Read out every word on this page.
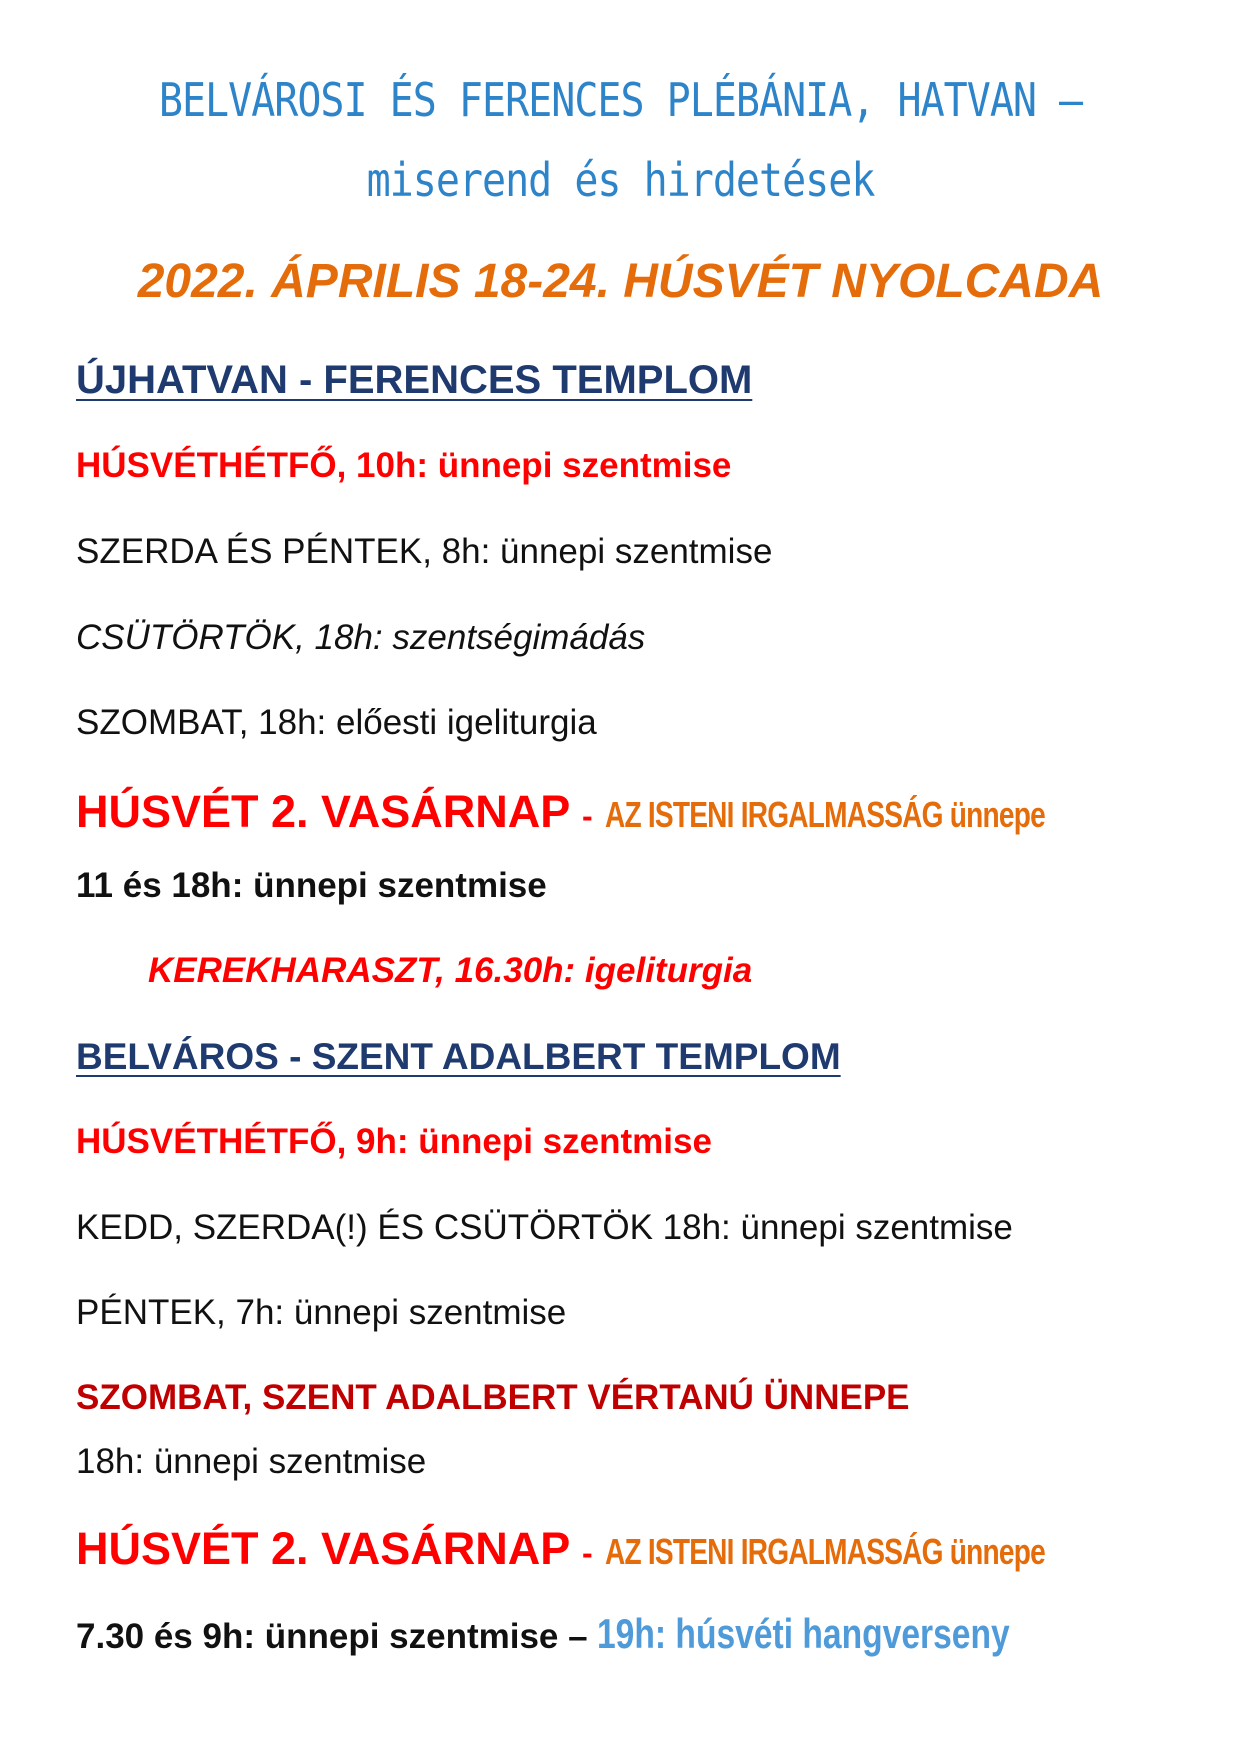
BELVÁROSI ÉS FERENCES PLÉBÁNIA, HATVAN –
miserend és hirdetések
2022. ÁPRILIS 18-24. HÚSVÉT NYOLCADA
ÚJHATVAN - FERENCES TEMPLOM
HÚSVÉTHÉTFŐ, 10h: ünnepi szentmise
SZERDA ÉS PÉNTEK, 8h: ünnepi szentmise
CSÜTÖRTÖK, 18h: szentségimádás
SZOMBAT, 18h: előesti igeliturgia
HÚSVÉT 2. VASÁRNAP - AZ ISTENI IRGALMASSÁG ünnepe
11 és 18h: ünnepi szentmise
KEREKHARASZT, 16.30h: igeliturgia
BELVÁROS - SZENT ADALBERT TEMPLOM
HÚSVÉTHÉTFŐ, 9h: ünnepi szentmise
KEDD, SZERDA(!) ÉS CSÜTÖRTÖK 18h: ünnepi szentmise
PÉNTEK, 7h: ünnepi szentmise
SZOMBAT, SZENT ADALBERT VÉRTANÚ ÜNNEPE
18h: ünnepi szentmise
HÚSVÉT 2. VASÁRNAP - AZ ISTENI IRGALMASSÁG ünnepe
7.30 és 9h: ünnepi szentmise – 19h: húsvéti hangverseny
